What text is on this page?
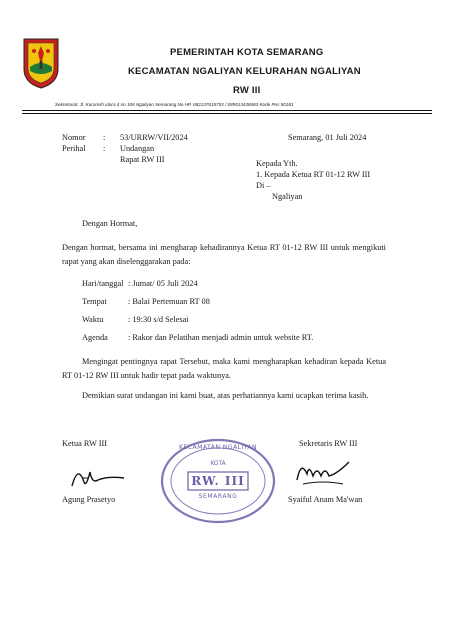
PEMERINTAH KOTA SEMARANG
KECAMATAN NGALIYAN KELURAHAN NGALIYAN
RW III
Sekretariat: Jl. Karonsih utara 4 no 106 Ngaliyan Semarang No HP. 082137615753 / 089513438483 Kode Pos 50181
Nomor : 53/URRW/VII/2024
Perihal : Undangan
Rapat RW III
Semarang, 01 Juli 2024
Kepada Yth.
1. Kepada Ketua RT 01-12 RW III
Di –
Ngaliyan
Dengan Hormat,
Dengan hormat, bersama ini mengharap kehadirannya Ketua RT 01-12 RW III untuk mengikuti rapat yang akan diselenggarakan pada:
Hari/tanggal : Jumat/ 05 Juli 2024
Tempat	: Balai Pertemuan RT 08
Waktu	: 19:30 s/d Selesai
Agenda : Rakor dan Pelatihan menjadi admin untuk website RT.
Mengingat pentingnya rapat Tersebut, maka kami mengharapkan kehadiran kepada Ketua RT 01-12 RW III untuk hadir tepat pada waktunya.
Demikian surat undangan ini kami buat, atas perhatiannya kami ucapkan terima kasih.
Ketua RW III	Sekretaris RW III
KECAMATAN NGALIYAN
KOTA
RW. III
SEMARANG
Agung Prasetyo	Syaiful Anam Ma'wan
